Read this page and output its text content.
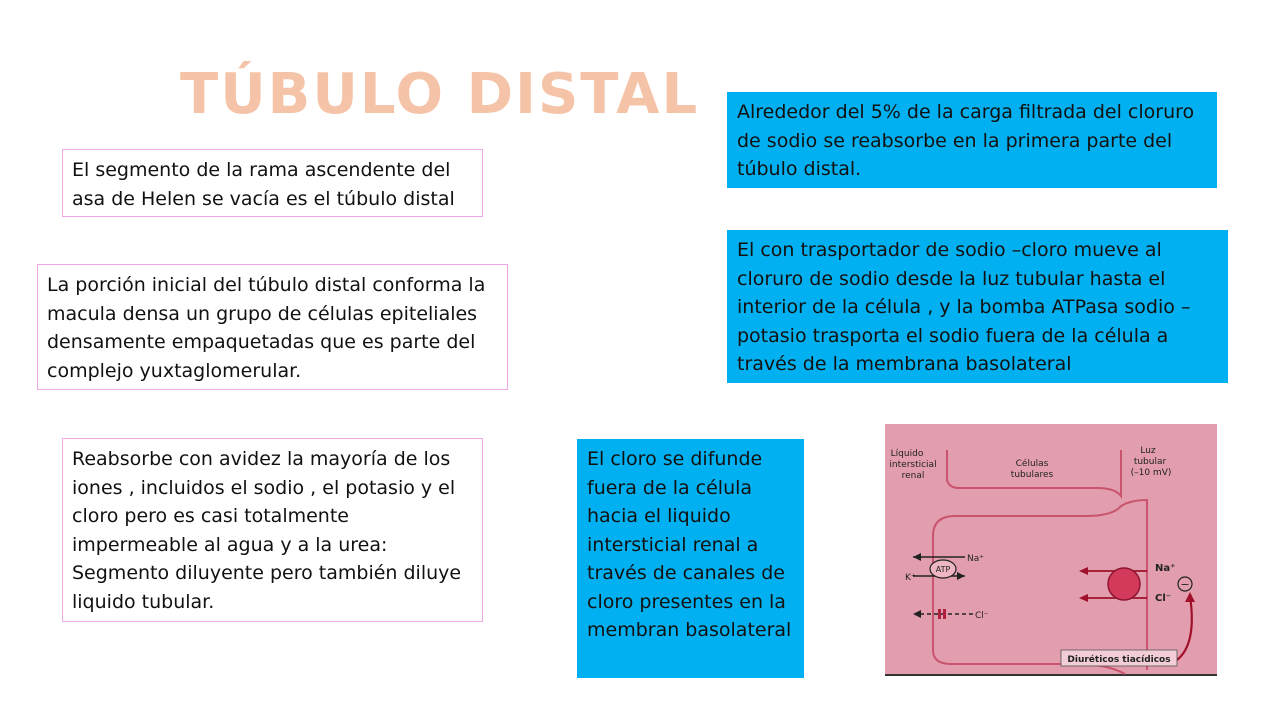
TÚBULO DISTAL
El segmento de la rama ascendente del asa de Helen se vacía es el túbulo distal
La porción inicial del túbulo distal conforma la macula densa un grupo de células epiteliales densamente empaquetadas que es parte del complejo yuxtaglomerular.
Reabsorbe con avidez la mayoría de los iones , incluidos el sodio , el potasio y el cloro pero es casi totalmente impermeable al agua y a la urea: Segmento diluyente pero también diluye liquido tubular.
Alrededor del 5% de la carga filtrada del cloruro de sodio se reabsorbe en la primera parte del túbulo distal.
El con trasportador de sodio –cloro mueve al cloruro de sodio desde la luz tubular hasta el interior de la célula , y la bomba ATPasa sodio –potasio trasporta el sodio fuera de la célula a través de la membrana basolateral
El cloro se difunde fuera de la célula hacia el liquido intersticial renal a través de canales de cloro presentes en la membran basolateral
Líquido
intersticial
renal
Células
tubulares
Luz
tubular
(–10 mV)
ATP
Na⁺
K⁺
Cl⁻
Na⁺
Cl⁻
−
Diuréticos tiacídicos
